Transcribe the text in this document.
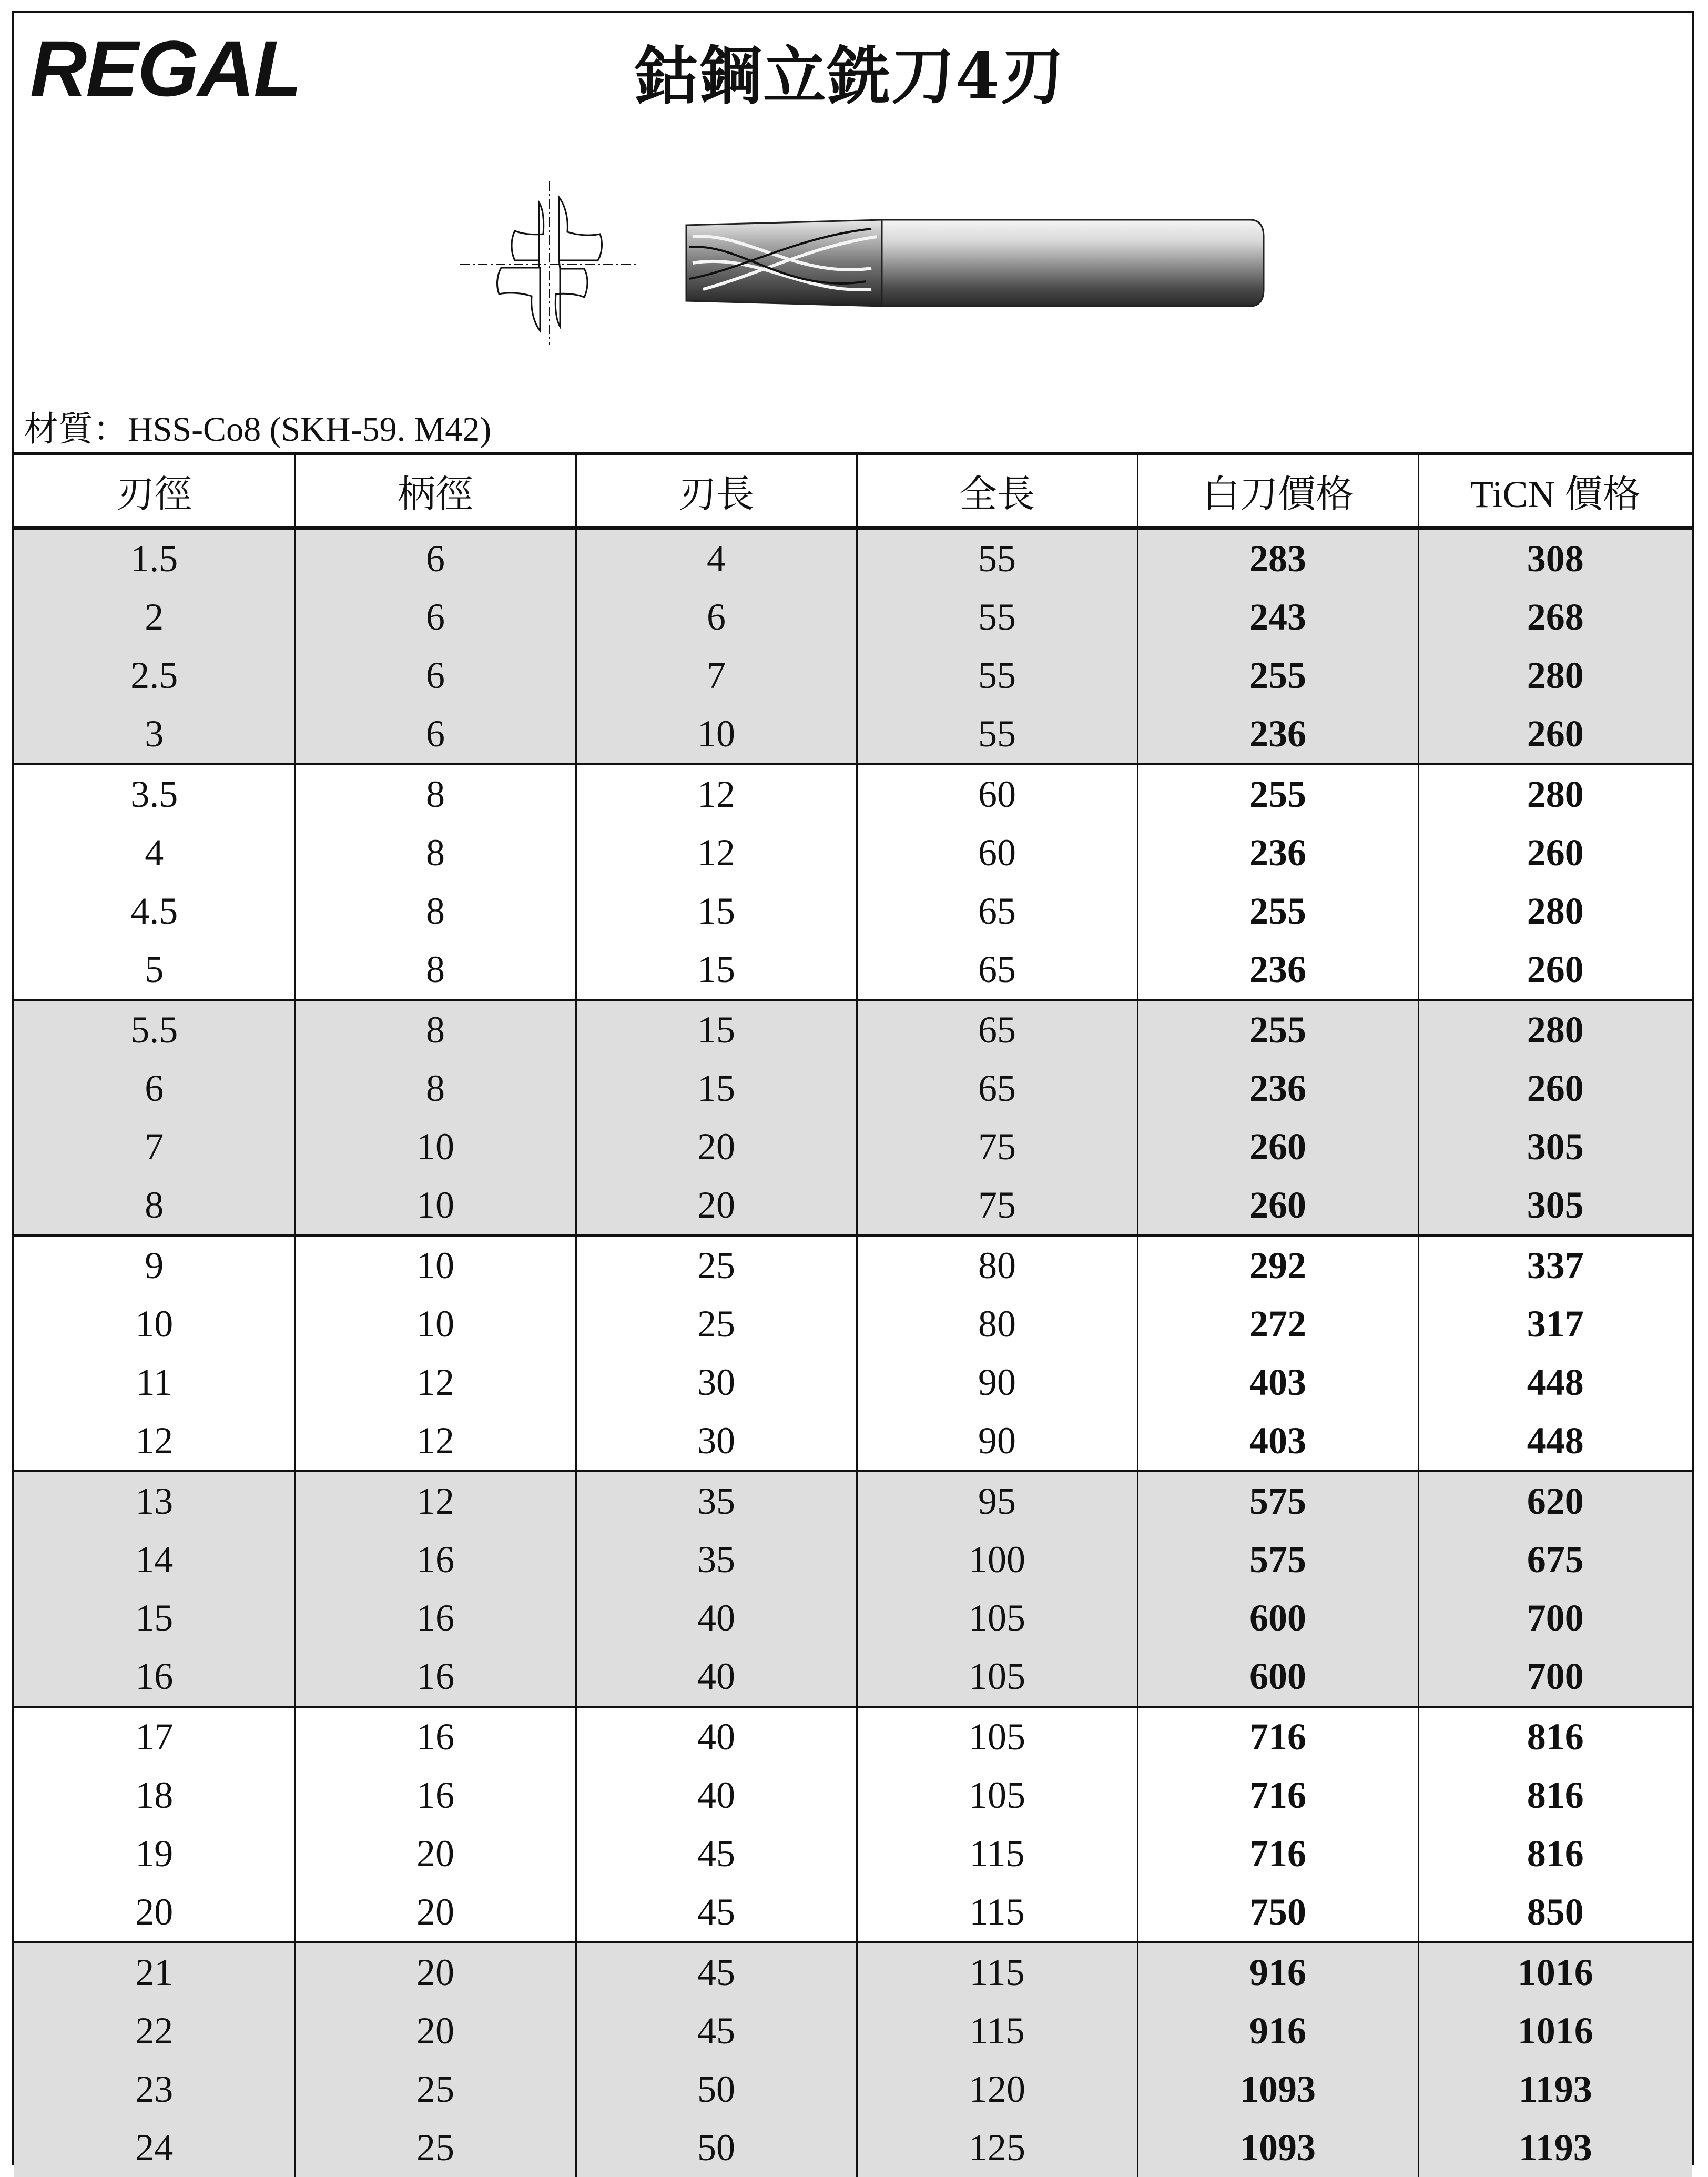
REGAL	鈷鋼立銑刀4刃
材質：HSS-Co8 (SKH-59. M42)
刃徑	柄徑	刃長	全長	白刀價格	TiCN 價格
1.5	6	4	55	283	308
2	6	6	55	243	268
2.5	6	7	55	255	280
3	6	10	55	236	260
3.5	8	12	60	255	280
4	8	12	60	236	260
4.5	8	15	65	255	280
5	8	15	65	236	260
5.5	8	15	65	255	280
6	8	15	65	236	260
7	10	20	75	260	305
8	10	20	75	260	305
9	10	25	80	292	337
10	10	25	80	272	317
11	12	30	90	403	448
12	12	30	90	403	448
13	12	35	95	575	620
14	16	35	100	575	675
15	16	40	105	600	700
16	16	40	105	600	700
17	16	40	105	716	816
18	16	40	105	716	816
19	20	45	115	716	816
20	20	45	115	750	850
21	20	45	115	916	1016
22	20	45	115	916	1016
23	25	50	120	1093	1193
24	25	50	125	1093	1193
